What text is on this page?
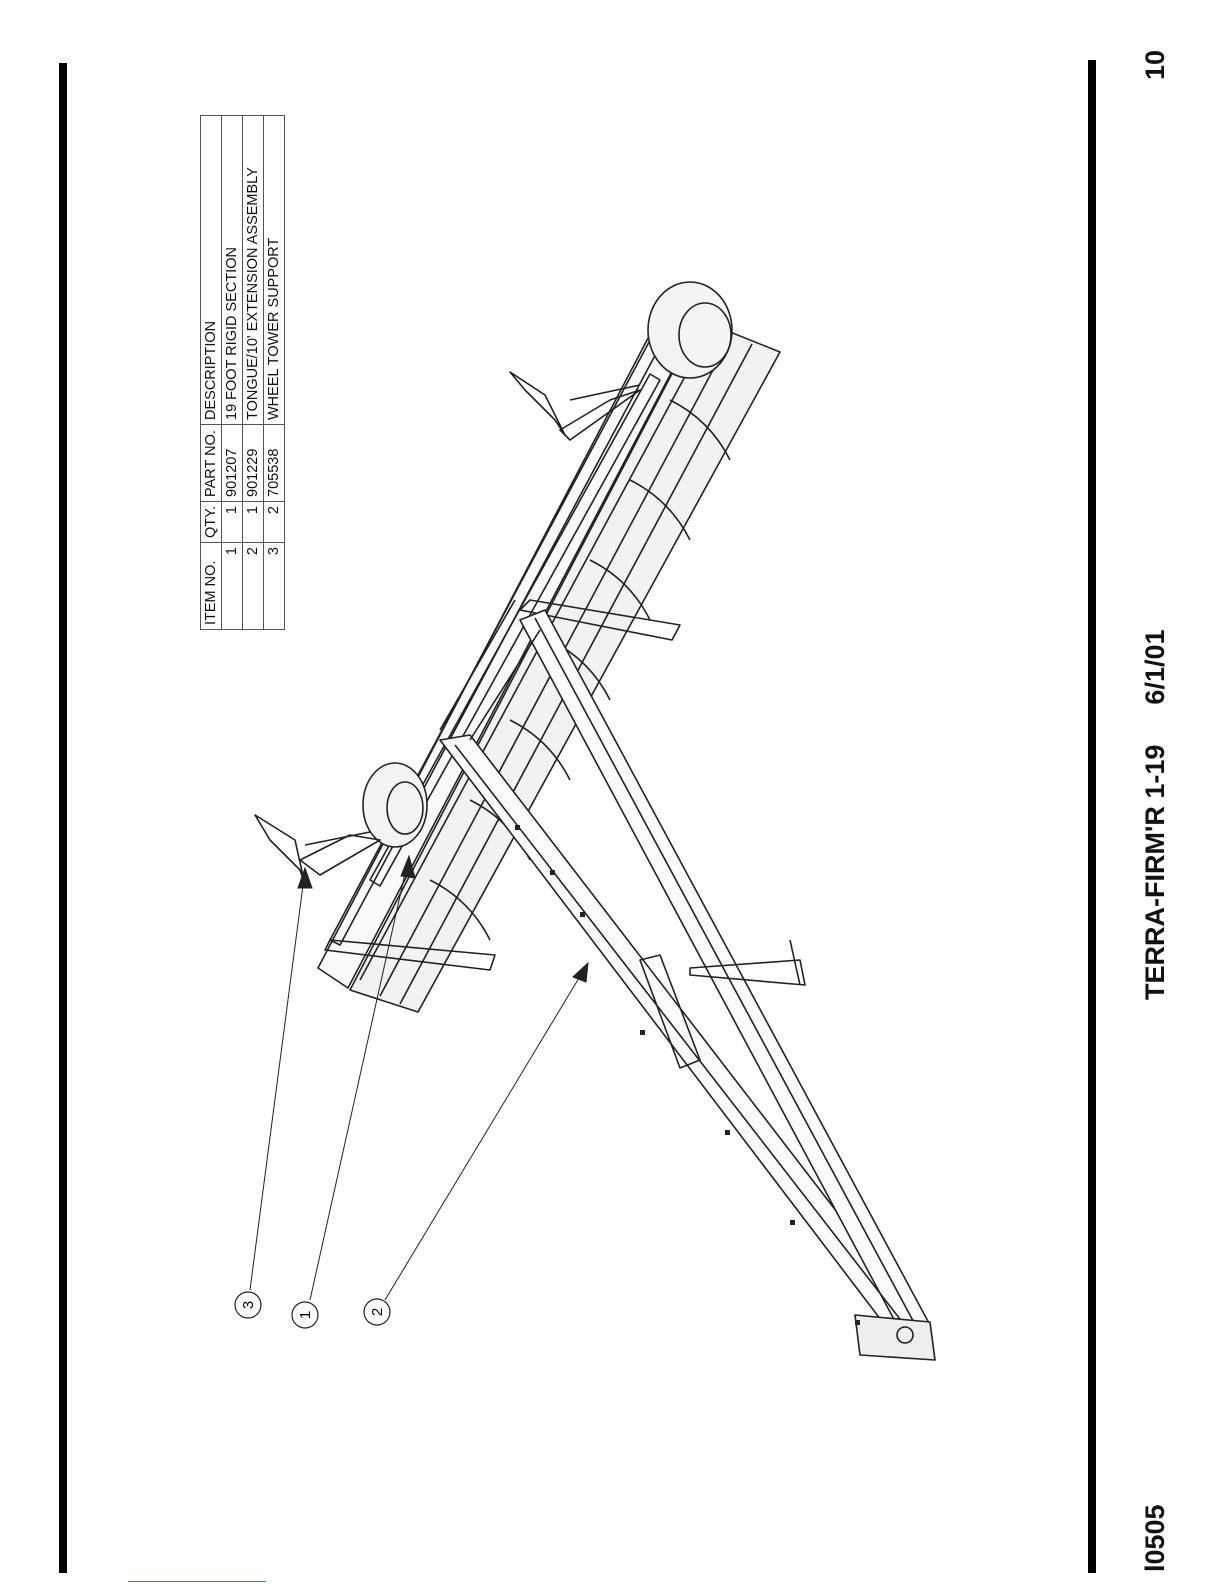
10
TERRA-FIRM'R 1-196/1/01
l0505
ITEM NO.	QTY.	PART NO.	DESCRIPTION
1	1	901207	19 FOOT RIGID SECTION
2	1	901229	TONGUE/10' EXTENSION ASSEMBLY
3	2	705538	WHEEL TOWER SUPPORT
3
1	2
